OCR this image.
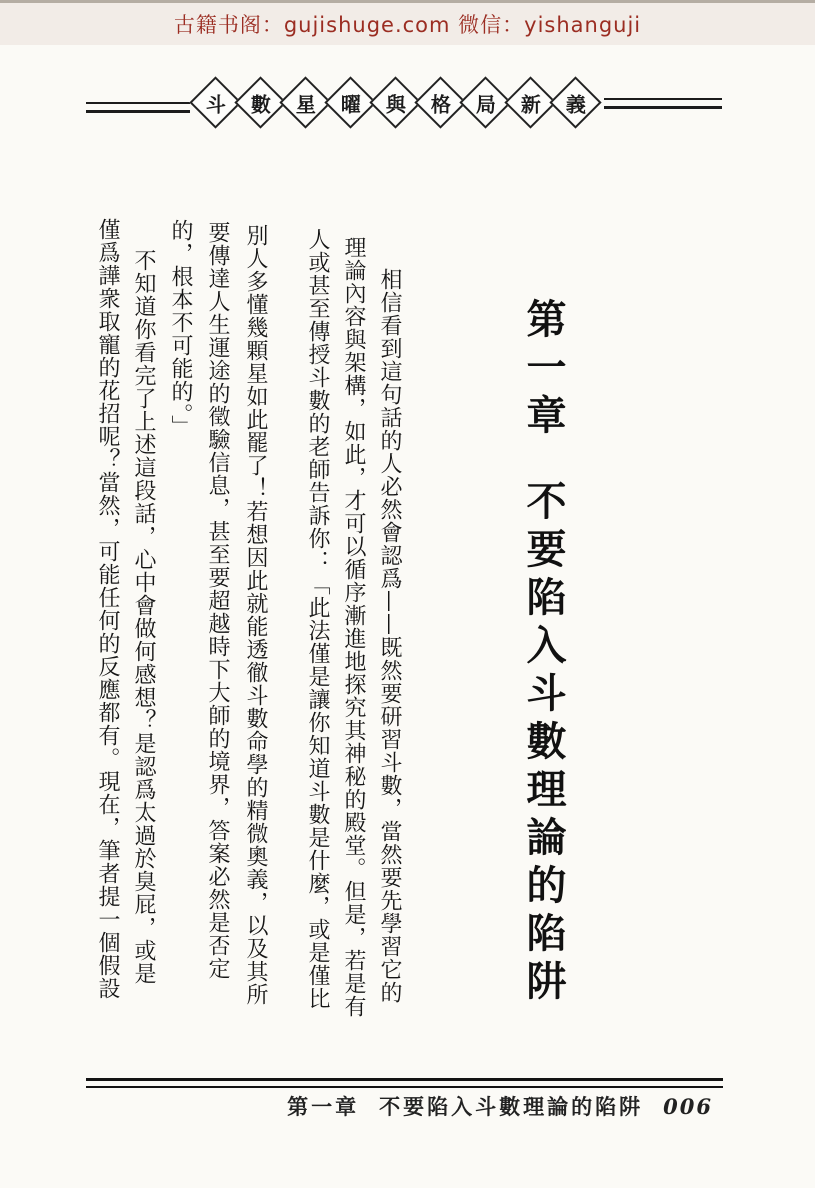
古籍书阁：gujishuge.com 微信：yishanguji
斗 數 星 曜 與 格 局 新 義
第一章
不要陷入斗數理論的陷阱
相信看到這句話的人必然會認爲——既然要研習斗數，當然要先學習它的
理論內容與架構，如此，才可以循序漸進地探究其神秘的殿堂。但是，若是有
人或甚至傳授斗數的老師告訴你：「此法僅是讓你知道斗數是什麼，或是僅比
別人多懂幾顆星如此罷了！若想因此就能透徹斗數命學的精微奧義，以及其所
要傳達人生運途的徵驗信息，甚至要超越時下大師的境界，答案必然是否定
的，根本不可能的。」
不知道你看完了上述這段話，心中會做何感想？是認爲太過於臭屁，或是
僅爲譁衆取寵的花招呢？當然，可能任何的反應都有。現在，筆者提一個假設
第一章 不要陷入斗數理論的陷阱 006
